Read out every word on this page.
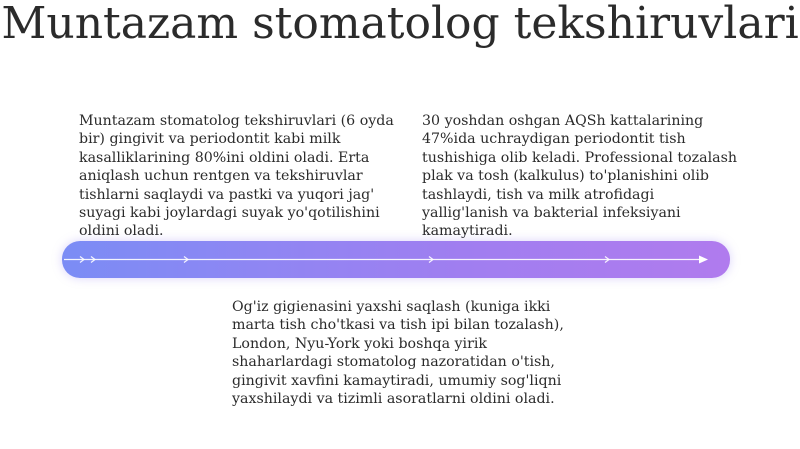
Muntazam stomatolog tekshiruvlari
Muntazam stomatolog tekshiruvlari (6 oyda bir) gingivit va periodontit kabi milk kasalliklarining 80%ini oldini oladi. Erta aniqlash uchun rentgen va tekshiruvlar tishlarni saqlaydi va pastki va yuqori jag' suyagi kabi joylardagi suyak yo'qotilishini oldini oladi.
30 yoshdan oshgan AQSh kattalarining 47%ida uchraydigan periodontit tish tushishiga olib keladi. Professional tozalash plak va tosh (kalkulus) to'planishini olib tashlaydi, tish va milk atrofidagi yallig'lanish va bakterial infeksiyani kamaytiradi.
Og'iz gigienasini yaxshi saqlash (kuniga ikki marta tish cho'tkasi va tish ipi bilan tozalash), London, Nyu-York yoki boshqa yirik shaharlardagi stomatolog nazoratidan o'tish, gingivit xavfini kamaytiradi, umumiy sog'liqni yaxshilaydi va tizimli asoratlarni oldini oladi.
